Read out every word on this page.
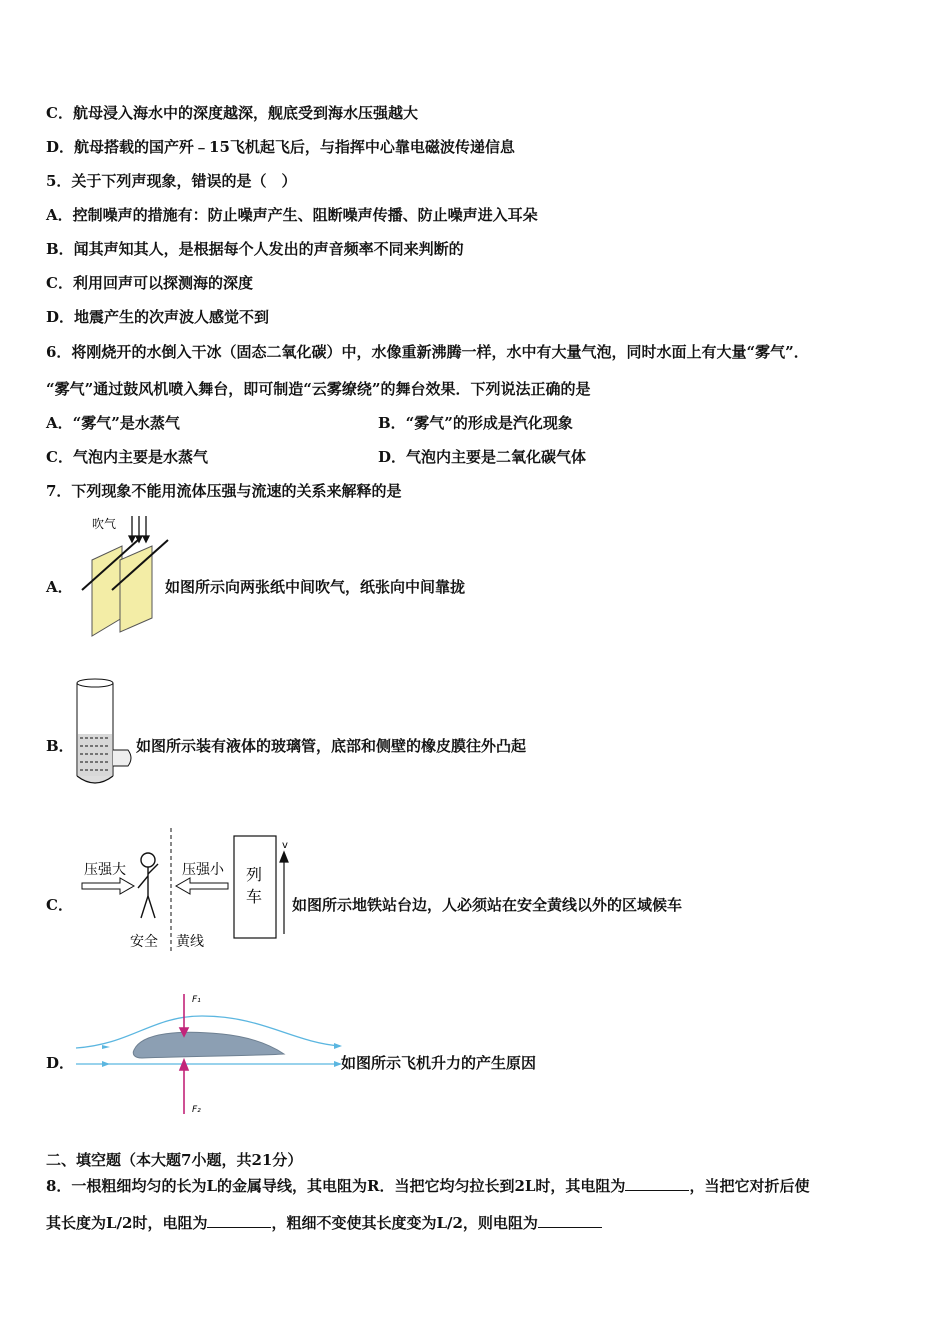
C．航母浸入海水中的深度越深，舰底受到海水压强越大
D．航母搭载的国产歼﹣15飞机起飞后，与指挥中心靠电磁波传递信息
5．关于下列声现象，错误的是（　）
A．控制噪声的措施有：防止噪声产生、阻断噪声传播、防止噪声进入耳朵
B．闻其声知其人，是根据每个人发出的声音频率不同来判断的
C．利用回声可以探测海的深度
D．地震产生的次声波人感觉不到
6．将刚烧开的水倒入干冰（固态二氧化碳）中，水像重新沸腾一样，水中有大量气泡，同时水面上有大量“雾气”．
“雾气”通过鼓风机喷入舞台，即可制造“云雾缭绕”的舞台效果．下列说法正确的是
A．“雾气”是水蒸气	B．“雾气”的形成是汽化现象
C．气泡内主要是水蒸气	D．气泡内主要是二氧化碳气体
7．下列现象不能用流体压强与流速的关系来解释的是
A．
吹气
如图所示向两张纸中间吹气，纸张向中间靠拢
B．	如图所示装有液体的玻璃管，底部和侧壁的橡皮膜往外凸起
C．
压强大	压强小 列
车
v
安全 黄线
如图所示地铁站台边，人必须站在安全黄线以外的区域候车
D．
F₁
F₂
如图所示飞机升力的产生原因
二、填空题（本大题7小题，共21分）
8．一根粗细均匀的长为L的金属导线，其电阻为R．当把它均匀拉长到2L时，其电阻为	，当把它对折后使
其长度为L/2时，电阻为	，粗细不变使其长度变为L/2，则电阻为
